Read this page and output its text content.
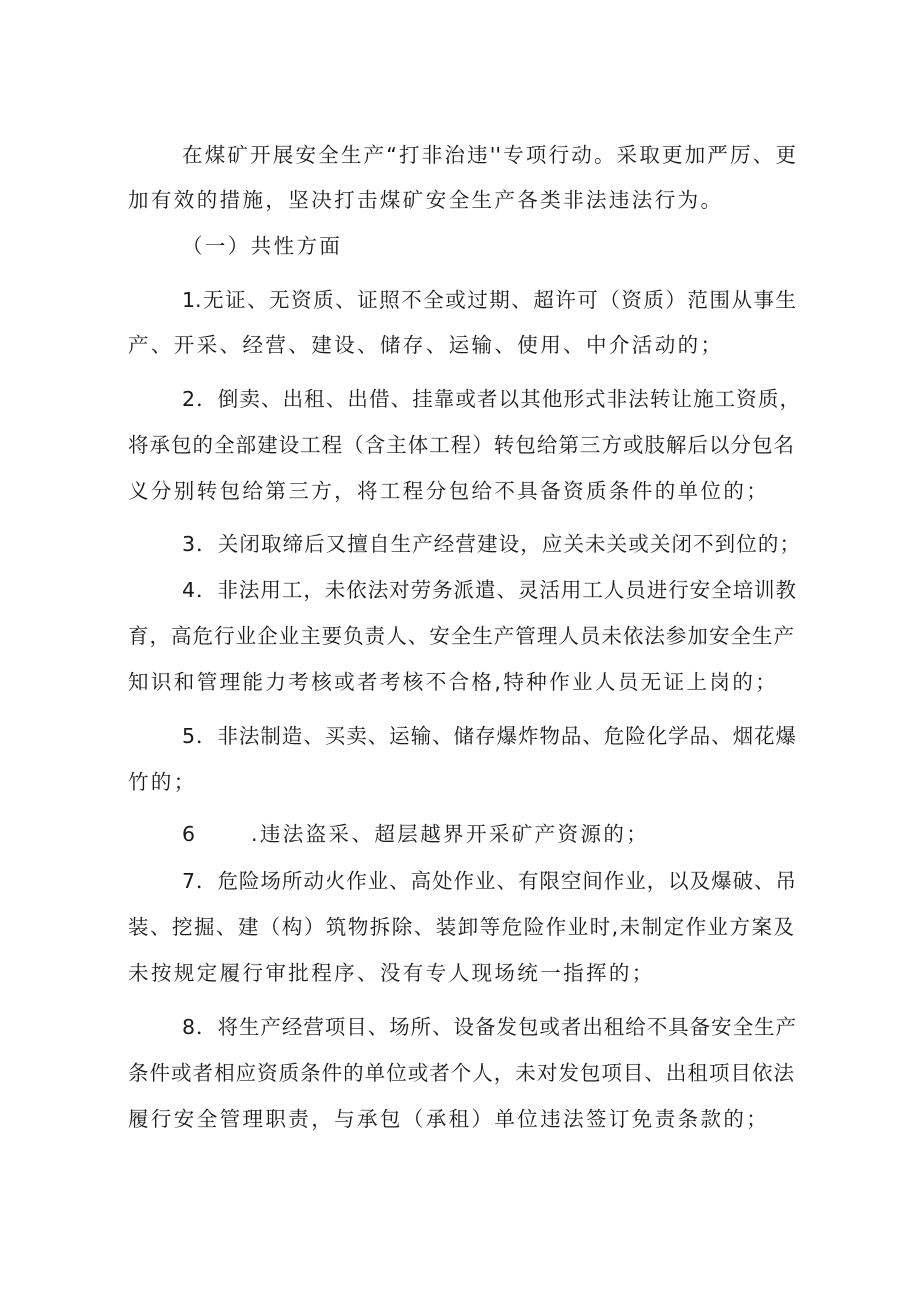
在煤矿开展安全生产“打非治违''专项行动。采取更加严厉、更
加有效的措施，坚决打击煤矿安全生产各类非法违法行为。
（一）共性方面
1.无证、无资质、证照不全或过期、超许可（资质）范围从事生
产、开采、经营、建设、储存、运输、使用、中介活动的；
2．倒卖、出租、出借、挂靠或者以其他形式非法转让施工资质，
将承包的全部建设工程（含主体工程）转包给第三方或肢解后以分包名
义分别转包给第三方，将工程分包给不具备资质条件的单位的；
3．关闭取缔后又擅自生产经营建设，应关未关或关闭不到位的；
4．非法用工，未依法对劳务派遣、灵活用工人员进行安全培训教
育，高危行业企业主要负责人、安全生产管理人员未依法参加安全生产
知识和管理能力考核或者考核不合格,特种作业人员无证上岗的；
5．非法制造、买卖、运输、储存爆炸物品、危险化学品、烟花爆
竹的；
6      .违法盗采、超层越界开采矿产资源的；
7．危险场所动火作业、高处作业、有限空间作业，以及爆破、吊
装、挖掘、建（构）筑物拆除、装卸等危险作业时,未制定作业方案及
未按规定履行审批程序、没有专人现场统一指挥的；
8．将生产经营项目、场所、设备发包或者出租给不具备安全生产
条件或者相应资质条件的单位或者个人，未对发包项目、出租项目依法
履行安全管理职责，与承包（承租）单位违法签订免责条款的；
